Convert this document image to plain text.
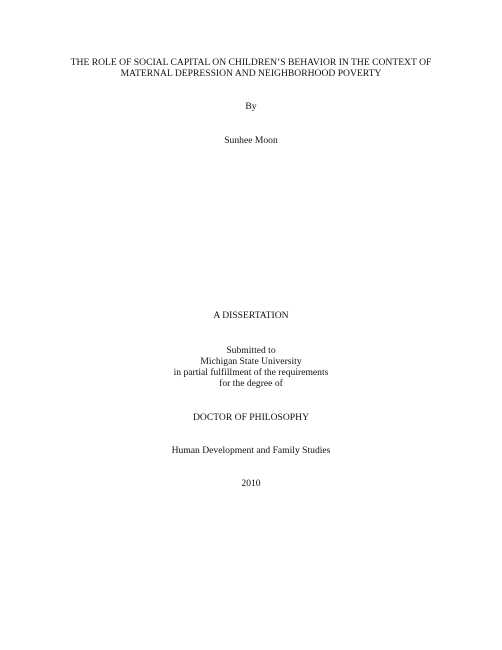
THE ROLE OF SOCIAL CAPITAL ON CHILDREN’S BEHAVIOR IN THE CONTEXT OF
MATERNAL DEPRESSION AND NEIGHBORHOOD POVERTY
By
Sunhee Moon
A DISSERTATION
Submitted to
Michigan State University
in partial fulfillment of the requirements
for the degree of
DOCTOR OF PHILOSOPHY
Human Development and Family Studies
2010
